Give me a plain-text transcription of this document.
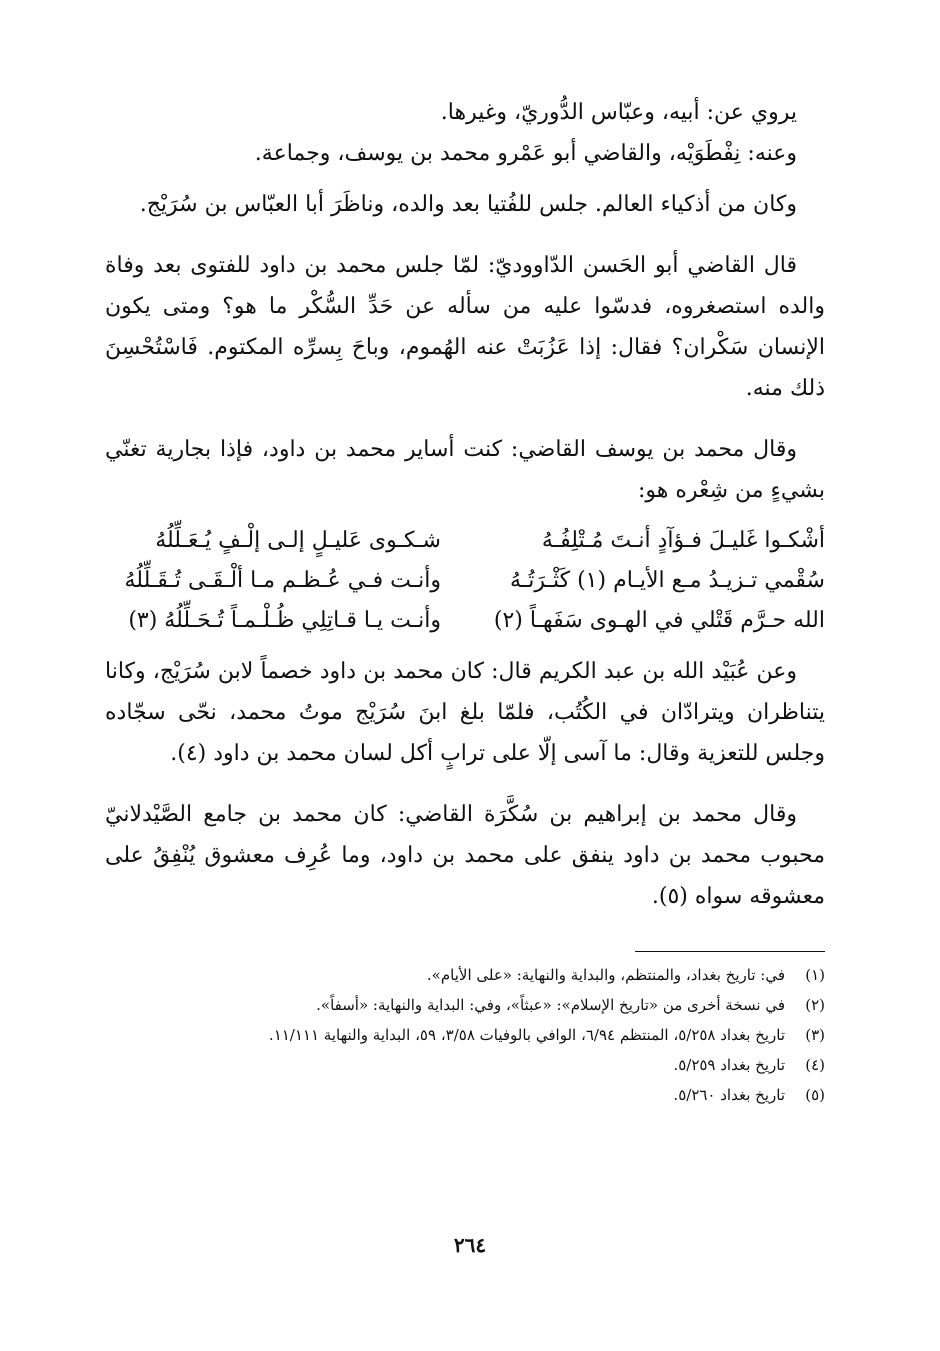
يروي عن: أبيه، وعبّاس الدُّوريّ، وغيرها.

وعنه: نِفْطَوَيْه، والقاضي أبو عَمْرو محمد بن يوسف، وجماعة.

وكان من أذكياء العالم. جلس للفُتيا بعد والده، وناظَرَ أبا العبّاس بن سُرَيْج.

قال القاضي أبو الحَسن الدّاووديّ: لمّا جلس محمد بن داود للفتوى بعد وفاة والده استصغروه، فدسّوا عليه من سأله عن حَدِّ السُّكْر ما هو؟ ومتى يكون الإنسان سَكْران؟ فقال: إذا عَزُبَتْ عنه الهُموم، وباحَ بِسرِّه المكتوم. فَاسْتُحْسِنَ ذلك منه.

وقال محمد بن يوسف القاضي: كنت أساير محمد بن داود، فإذا بجارية تغنّي بشيءٍ من شِعْره هو:

أشْكـوا غَليـلَ فـؤآدٍ أنـتَ مُـتْلِفُـهُ
شـكـوى عَليـلٍ إلـى إلْـفٍ يُـعَـلِّلُهُ
سُقْمي تـزيـدُ مـع الأيـام (١) كَثْـرَتُـهُ
وأنـت فـي عُـظـم مـا ألْـقَـى تُـقَـلِّلُهُ
الله حـرَّم قَتْلي في الهـوى سَفَهـاً (٢)
وأنـت يـا قـاتِلِي ظُـلْـمـاً تُـحَـلِّلُهُ (٣)

وعن عُبَيْد الله بن عبد الكريم قال: كان محمد بن داود خصماً لابن سُرَيْج، وكانا يتناظران ويترادّان في الكُتُب، فلمّا بلغ ابنَ سُرَيْج موتُ محمد، نحّى سجّاده وجلس للتعزية وقال: ما آسى إلّا على ترابٍ أكل لسان محمد بن داود (٤).

وقال محمد بن إبراهيم بن سُكَّرَة القاضي: كان محمد بن جامع الصَّيْدلانيّ محبوب محمد بن داود ينفق على محمد بن داود، وما عُرِف معشوق يُنْفِقُ على معشوقه سواه (٥).

(١)
في: تاريخ بغداد، والمنتظم، والبداية والنهاية: «على الأيام».
(٢)
في نسخة أخرى من «تاريخ الإسلام»: «عبثاً»، وفي: البداية والنهاية: «أسفاً».
(٣)
تاريخ بغداد ٥/٢٥٨، المنتظم ٦/٩٤، الوافي بالوفيات ٣/٥٨، ٥٩، البداية والنهاية ١١/١١١.
(٤)
تاريخ بغداد ٥/٢٥٩.
(٥)
تاريخ بغداد ٥/٢٦٠.
٢٦٤
